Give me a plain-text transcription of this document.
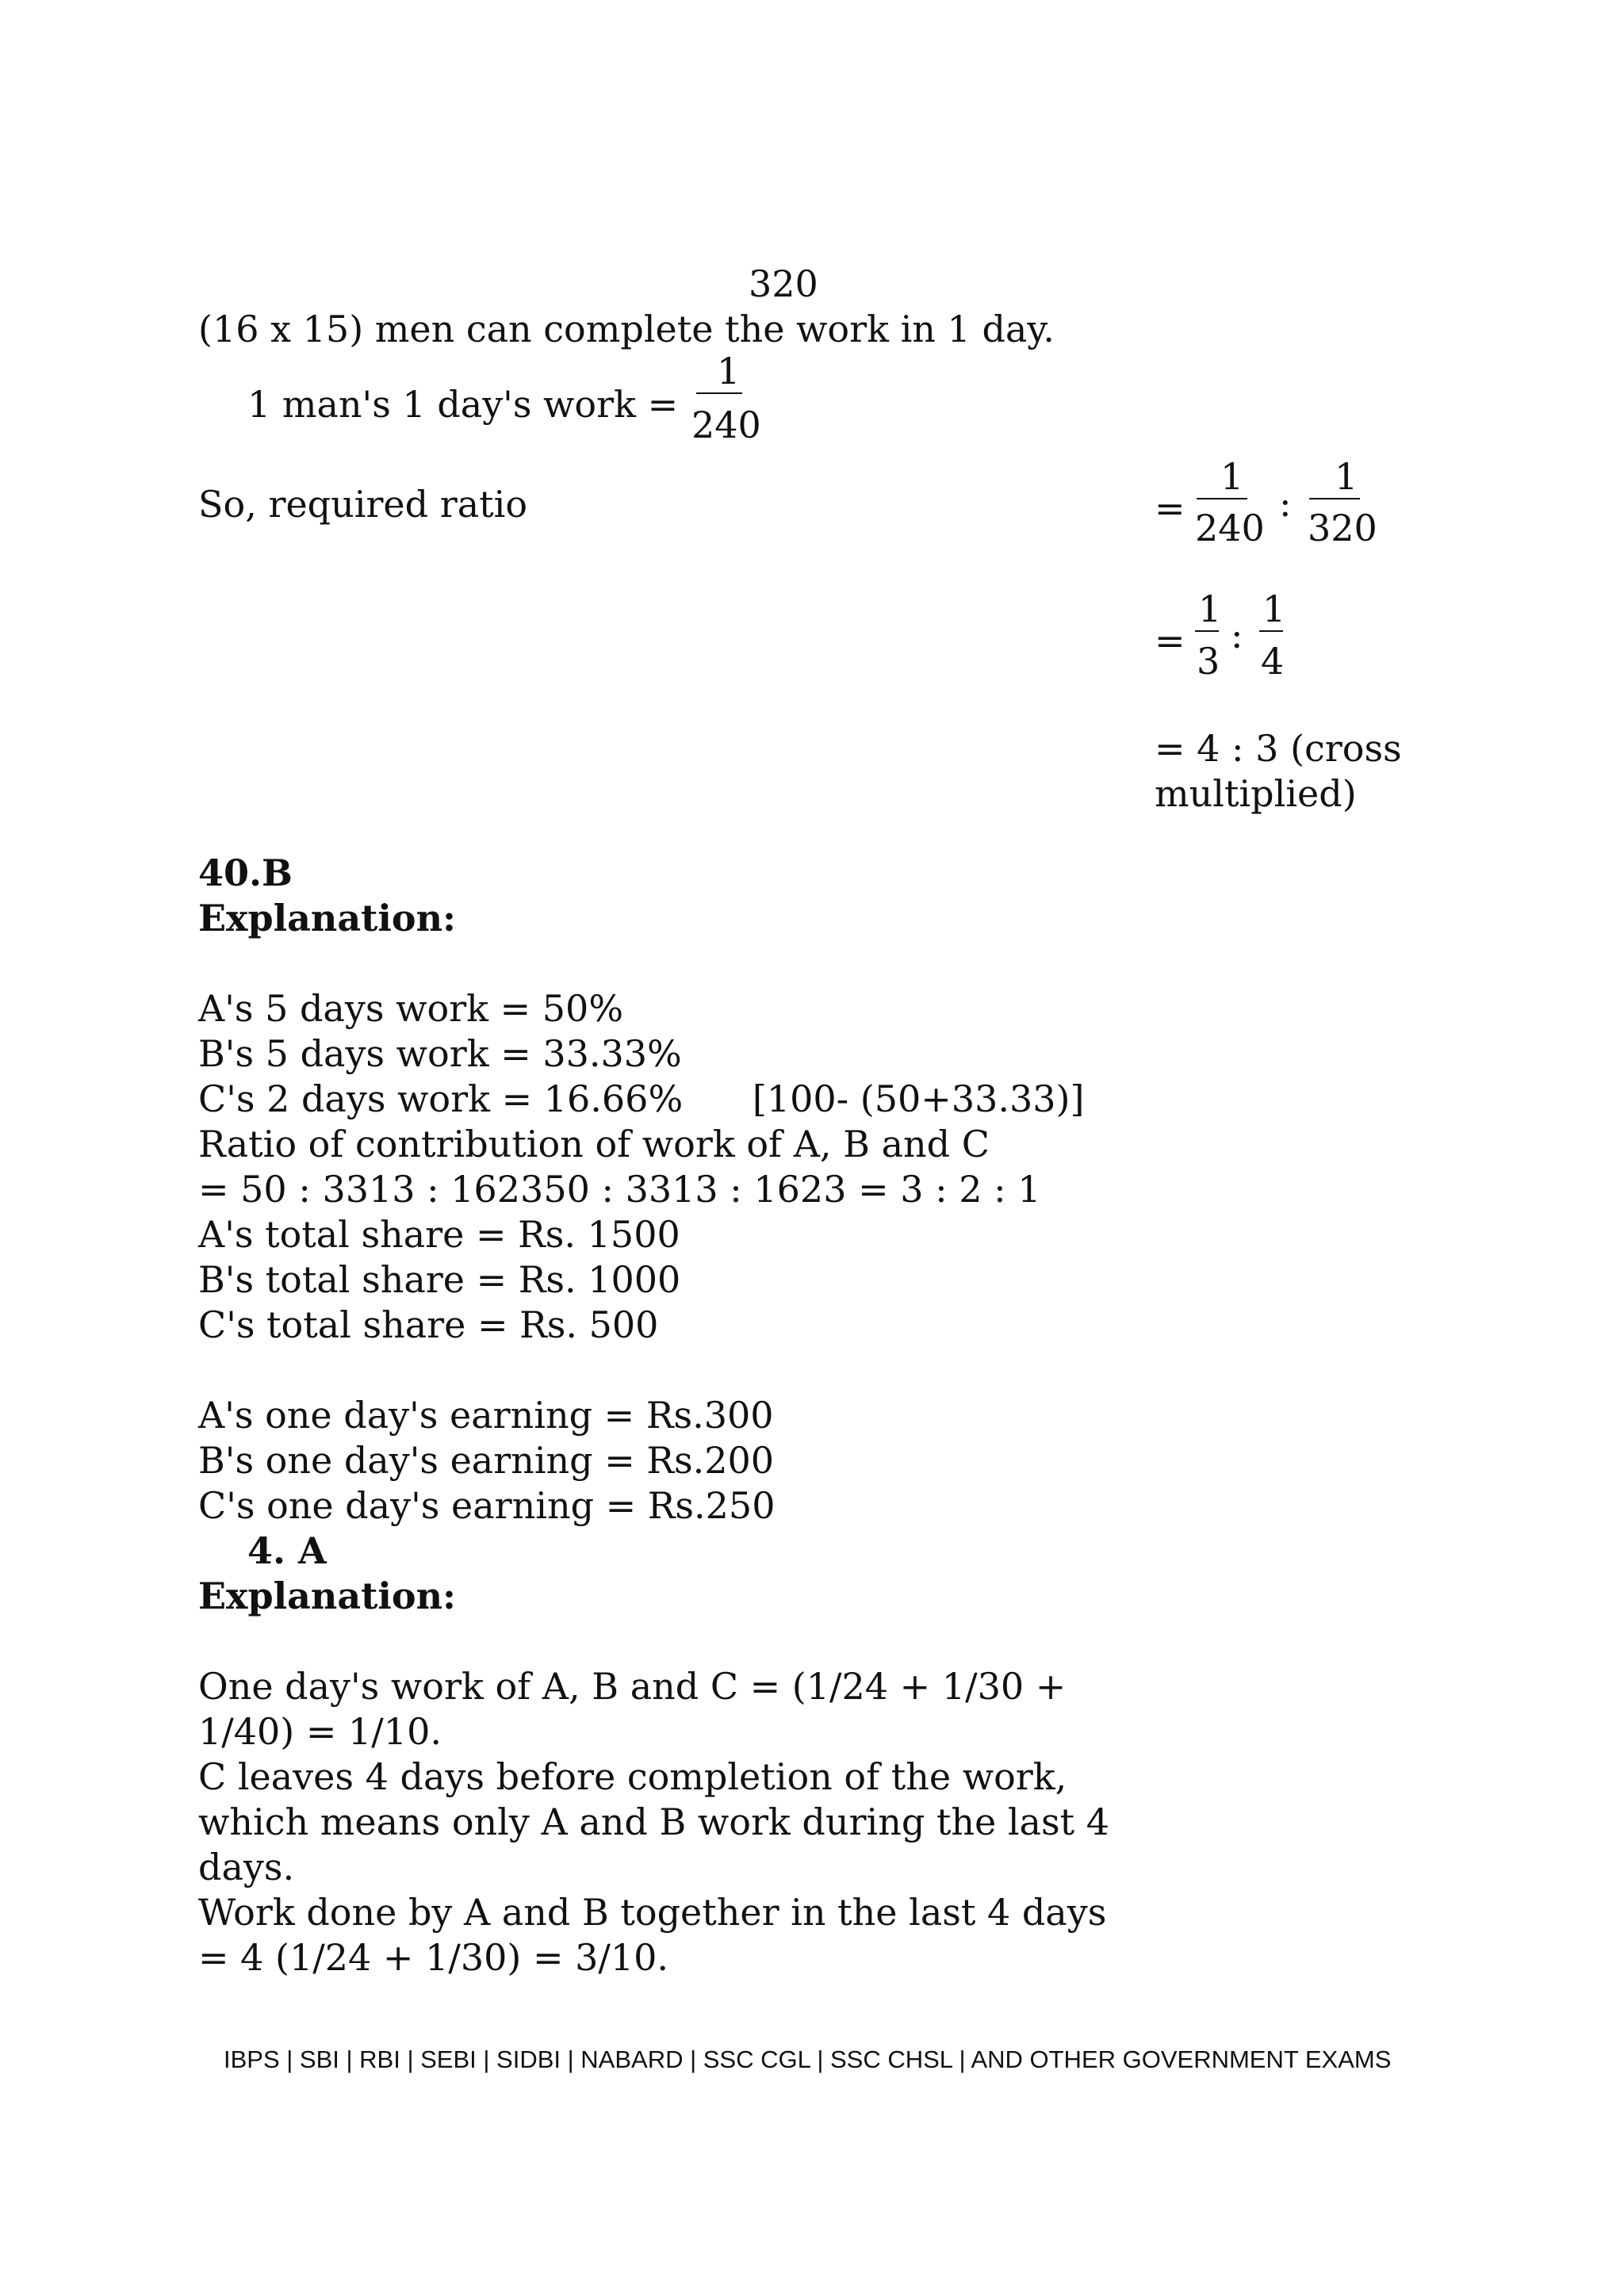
320
(16 x 15) men can complete the work in 1 day.
1 man's 1 day's work =
1
240
So, required ratio	=
1
240
:
1
320
=
1
3
:
1
4
= 4 : 3 (cross
multiplied)
40.B
Explanation:
A's 5 days work = 50%
B's 5 days work = 33.33%
C's 2 days work = 16.66%      [100- (50+33.33)]
Ratio of contribution of work of A, B and C
= 50 : 3313 : 162350 : 3313 : 1623 = 3 : 2 : 1
A's total share = Rs. 1500
B's total share = Rs. 1000
C's total share = Rs. 500
A's one day's earning = Rs.300
B's one day's earning = Rs.200
C's one day's earning = Rs.250
4. A
Explanation:
One day's work of A, B and C = (1/24 + 1/30 +
1/40) = 1/10.
C leaves 4 days before completion of the work,
which means only A and B work during the last 4
days.
Work done by A and B together in the last 4 days
= 4 (1/24 + 1/30) = 3/10.
IBPS | SBI | RBI | SEBI | SIDBI | NABARD | SSC CGL | SSC CHSL | AND OTHER GOVERNMENT EXAMS
